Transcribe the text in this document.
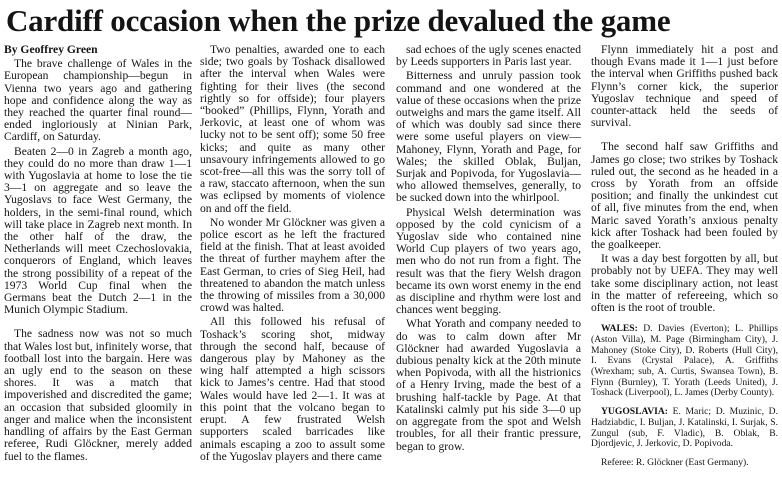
Cardiff occasion when the prize devalued the game

By Geoffrey Green

The brave challenge of Wales in the European championship—begun in Vienna two years ago and gathering hope and confidence along the way as they reached the quarter final round—ended ingloriously at Ninian Park, Cardiff, on Saturday.

Beaten 2—0 in Zagreb a month ago, they could do no more than draw 1—1 with Yugoslavia at home to lose the tie 3—1 on aggregate and so leave the Yugoslavs to face West Germany, the holders, in the semi-final round, which will take place in Zagreb next month. In the other half of the draw, the Netherlands will meet Czechoslovakia, conquerors of England, which leaves the strong possibility of a repeat of the 1973 World Cup final when the Germans beat the Dutch 2—1 in the Munich Olympic Stadium.

The sadness now was not so much that Wales lost but, infinitely worse, that football lost into the bargain. Here was an ugly end to the season on these shores. It was a match that impoverished and discredited the game; an occasion that subsided gloomily in anger and malice when the inconsistent handling of affairs by the East German referee, Rudi Glöckner, merely added fuel to the flames.

Two penalties, awarded one to each side; two goals by Toshack disallowed after the interval when Wales were fighting for their lives (the second rightly so for offside); four players “booked” (Phillips, Flynn, Yorath and Jerkovic, at least one of whom was lucky not to be sent off); some 50 free kicks; and quite as many other unsavoury infringements allowed to go scot-free—all this was the sorry toll of a raw, staccato afternoon, when the sun was eclipsed by moments of violence on and off the field.

No wonder Mr Glöckner was given a police escort as he left the fractured field at the finish. That at least avoided the threat of further mayhem after the East German, to cries of Sieg Heil, had threatened to abandon the match unless the throwing of missiles from a 30,000 crowd was halted.

All this followed his refusal of Toshack’s scoring shot, midway through the second half, because of dangerous play by Mahoney as the wing half attempted a high scissors kick to James’s centre. Had that stood Wales would have led 2—1. It was at this point that the volcano began to erupt. A few frustrated Welsh supporters scaled barricades like animals escaping a zoo to assult some of the Yugoslav players and there came

sad echoes of the ugly scenes enacted by Leeds supporters in Paris last year.

Bitterness and unruly passion took command and one wondered at the value of these occasions when the prize outweighs and mars the game itself. All of which was doubly sad since there were some useful players on view—Mahoney, Flynn, Yorath and Page, for Wales; the skilled Oblak, Buljan, Surjak and Popivoda, for Yugoslavia—who allowed themselves, generally, to be sucked down into the whirlpool.

Physical Welsh determination was opposed by the cold cynicism of a Yugoslav side who contained nine World Cup players of two years ago, men who do not run from a fight. The result was that the fiery Welsh dragon became its own worst enemy in the end as discipline and rhythm were lost and chances went begging.

What Yorath and company needed to do was to calm down after Mr Glöckner had awarded Yugoslavia a dubious penalty kick at the 20th minute when Popivoda, with all the histrionics of a Henry Irving, made the best of a brushing half-tackle by Page. At that Katalinski calmly put his side 3—0 up on aggregate from the spot and Welsh troubles, for all their frantic pressure, began to grow.

Flynn immediately hit a post and though Evans made it 1—1 just before the interval when Griffiths pushed back Flynn’s corner kick, the superior Yugoslav technique and speed of counter-attack held the seeds of survival.

The second half saw Griffiths and James go close; two strikes by Toshack ruled out, the second as he headed in a cross by Yorath from an offside position; and finally the unkindest cut of all, five minutes from the end, when Maric saved Yorath’s anxious penalty kick after Toshack had been fouled by the goalkeeper.

It was a day best forgotten by all, but probably not by UEFA. They may well take some disciplinary action, not least in the matter of refereeing, which so often is the root of trouble.

WALES: D. Davies (Everton); L. Phillips (Aston Villa), M. Page (Birmingham City), J. Mahoney (Stoke City), D. Roberts (Hull City), I. Evans (Crystal Palace), A. Griffiths (Wrexham; sub, A. Curtis, Swansea Town), B. Flynn (Burnley), T. Yorath (Leeds United), J. Toshack (Liverpool), L. James (Derby County).

YUGOSLAVIA: E. Maric; D. Muzinic, D. Hadziabdic, I. Buljan, J. Katalinski, I. Surjak, S. Zungul (sub, F. Vladic), B. Oblak, B. Djordjevic, J. Jerkovic, D. Popivoda.

Referee: R. Glöckner (East Germany).
